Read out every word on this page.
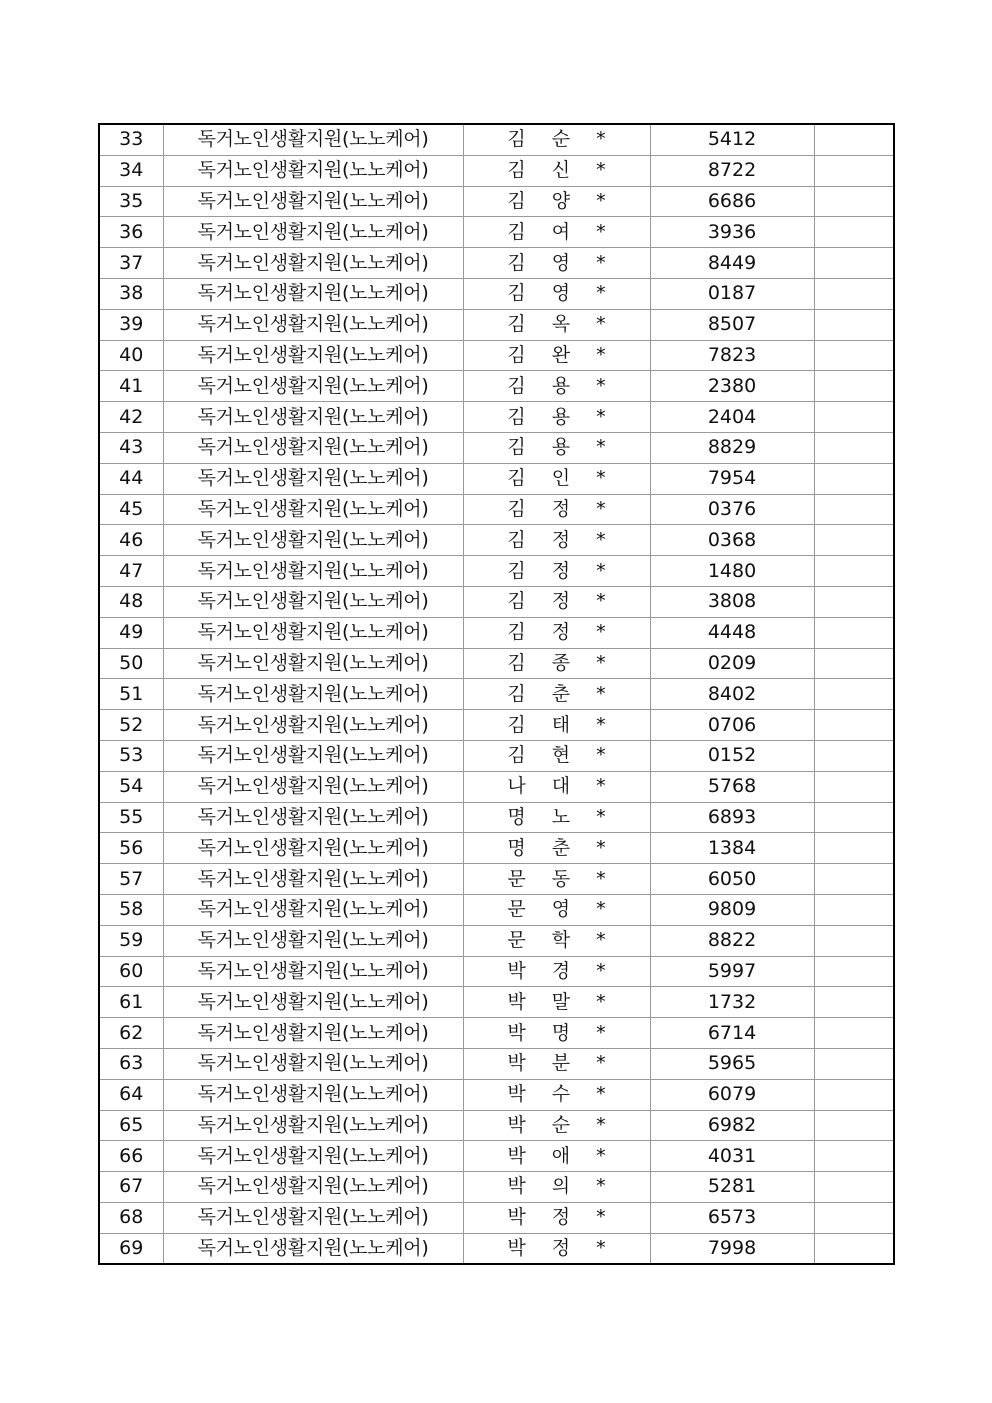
33	독거노인생활지원(노노케어)	김 순 *	5412	
34	독거노인생활지원(노노케어)	김 신 *	8722	
35	독거노인생활지원(노노케어)	김 양 *	6686	
36	독거노인생활지원(노노케어)	김 여 *	3936	
37	독거노인생활지원(노노케어)	김 영 *	8449	
38	독거노인생활지원(노노케어)	김 영 *	0187	
39	독거노인생활지원(노노케어)	김 옥 *	8507	
40	독거노인생활지원(노노케어)	김 완 *	7823	
41	독거노인생활지원(노노케어)	김 용 *	2380	
42	독거노인생활지원(노노케어)	김 용 *	2404	
43	독거노인생활지원(노노케어)	김 용 *	8829	
44	독거노인생활지원(노노케어)	김 인 *	7954	
45	독거노인생활지원(노노케어)	김 정 *	0376	
46	독거노인생활지원(노노케어)	김 정 *	0368	
47	독거노인생활지원(노노케어)	김 정 *	1480	
48	독거노인생활지원(노노케어)	김 정 *	3808	
49	독거노인생활지원(노노케어)	김 정 *	4448	
50	독거노인생활지원(노노케어)	김 종 *	0209	
51	독거노인생활지원(노노케어)	김 춘 *	8402	
52	독거노인생활지원(노노케어)	김 태 *	0706	
53	독거노인생활지원(노노케어)	김 현 *	0152	
54	독거노인생활지원(노노케어)	나 대 *	5768	
55	독거노인생활지원(노노케어)	명 노 *	6893	
56	독거노인생활지원(노노케어)	명 춘 *	1384	
57	독거노인생활지원(노노케어)	문 동 *	6050	
58	독거노인생활지원(노노케어)	문 영 *	9809	
59	독거노인생활지원(노노케어)	문 학 *	8822	
60	독거노인생활지원(노노케어)	박 경 *	5997	
61	독거노인생활지원(노노케어)	박 말 *	1732	
62	독거노인생활지원(노노케어)	박 명 *	6714	
63	독거노인생활지원(노노케어)	박 분 *	5965	
64	독거노인생활지원(노노케어)	박 수 *	6079	
65	독거노인생활지원(노노케어)	박 순 *	6982	
66	독거노인생활지원(노노케어)	박 애 *	4031	
67	독거노인생활지원(노노케어)	박 의 *	5281	
68	독거노인생활지원(노노케어)	박 정 *	6573	
69	독거노인생활지원(노노케어)	박 정 *	7998	
